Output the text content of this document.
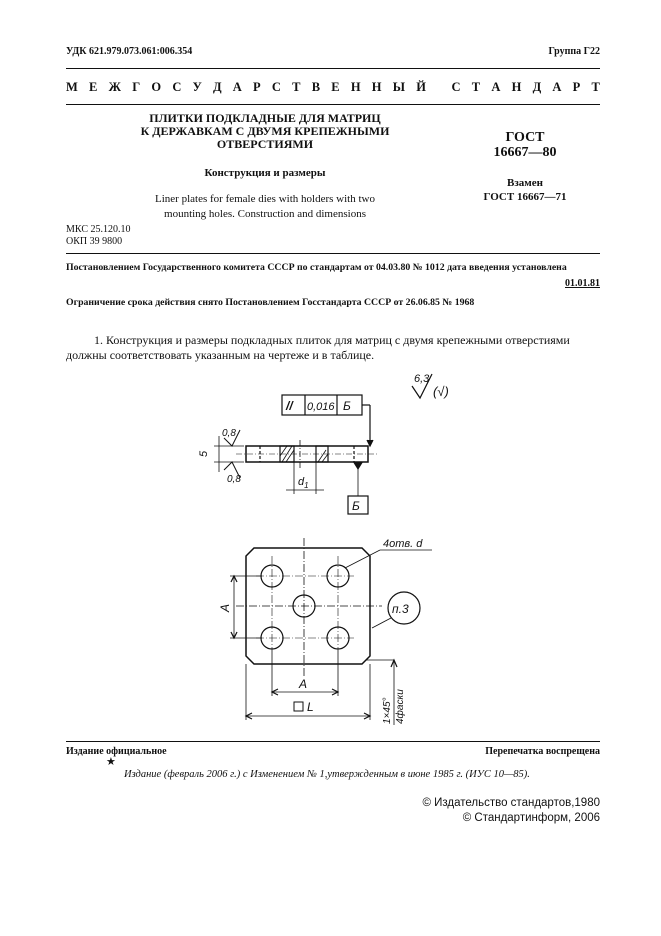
УДК 621.979.073.061:006.354	Группа Г22
М Е Ж Г О С У Д А Р С Т В Е Н Н Ы Й
С Т А Н Д А Р Т
ПЛИТКИ ПОДКЛАДНЫЕ ДЛЯ МАТРИЦ
К ДЕРЖАВКАМ С ДВУМЯ КРЕПЕЖНЫМИ
ОТВЕРСТИЯМИ
Конструкция и размеры
Liner plates for female dies with holders with two
mounting holes. Construction and dimensions
ГОСТ
16667—80
Взамен
ГОСТ 16667—71
МКС 25.120.10
ОКП 39 9800
Постановлением Государственного комитета СССР по стандартам от 04.03.80 № 1012 дата введения установлена
01.01.81
Ограничение срока действия снято Постановлением Госстандарта СССР от 26.06.85 № 1968
1. Конструкция и размеры подкладных плиток для матриц с двумя крепежными отверстиями
должны соответствовать указанным на чертеже и в таблице.
6,3
(√)
// 0,016 Б
5
0,8
0,8	$d_1$
Б
4отв. d
п.3
A
A
L	1×45° 4фаски
Издание официальное	Перепечатка воспрещена
★
Издание (февраль 2006 г.) с Изменением № 1,утвержденным в июне 1985 г. (ИУС 10—85).
© Издательство стандартов,1980
© Стандартинформ, 2006
